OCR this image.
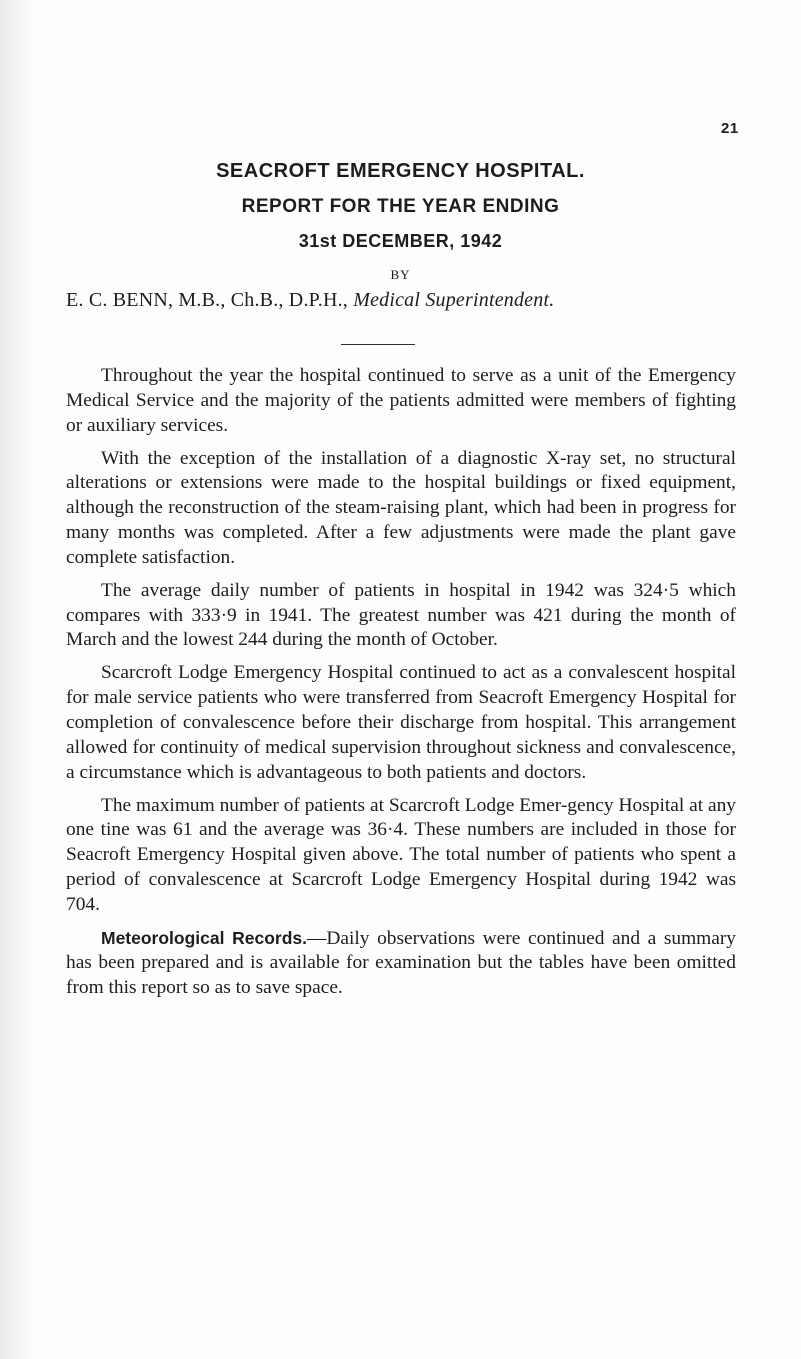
21
SEACROFT EMERGENCY HOSPITAL.
REPORT FOR THE YEAR ENDING
31st DECEMBER, 1942
BY
E. C. BENN, M.B., Ch.B., D.P.H., Medical Superintendent.

Throughout the year the hospital continued to serve as a unit of the Emergency Medical Service and the majority of the patients admitted were members of fighting or auxiliary services.

With the exception of the installation of a diagnostic X-ray set, no structural alterations or extensions were made to the hospital buildings or fixed equipment, although the reconstruction of the steam-raising plant, which had been in progress for many months was completed. After a few adjustments were made the plant gave complete satisfaction.

The average daily number of patients in hospital in 1942 was 324·5 which compares with 333·9 in 1941. The greatest number was 421 during the month of March and the lowest 244 during the month of October.

Scarcroft Lodge Emergency Hospital continued to act as a convalescent hospital for male service patients who were transferred from Seacroft Emergency Hospital for completion of convalescence before their discharge from hospital. This arrangement allowed for continuity of medical supervision throughout sickness and convalescence, a circumstance which is advantageous to both patients and doctors.

The maximum number of patients at Scarcroft Lodge Emer-gency Hospital at any one tine was 61 and the average was 36·4. These numbers are included in those for Seacroft Emergency Hospital given above. The total number of patients who spent a period of convalescence at Scarcroft Lodge Emergency Hospital during 1942 was 704.

Meteorological Records.—Daily observations were continued and a summary has been prepared and is available for examination but the tables have been omitted from this report so as to save space.
